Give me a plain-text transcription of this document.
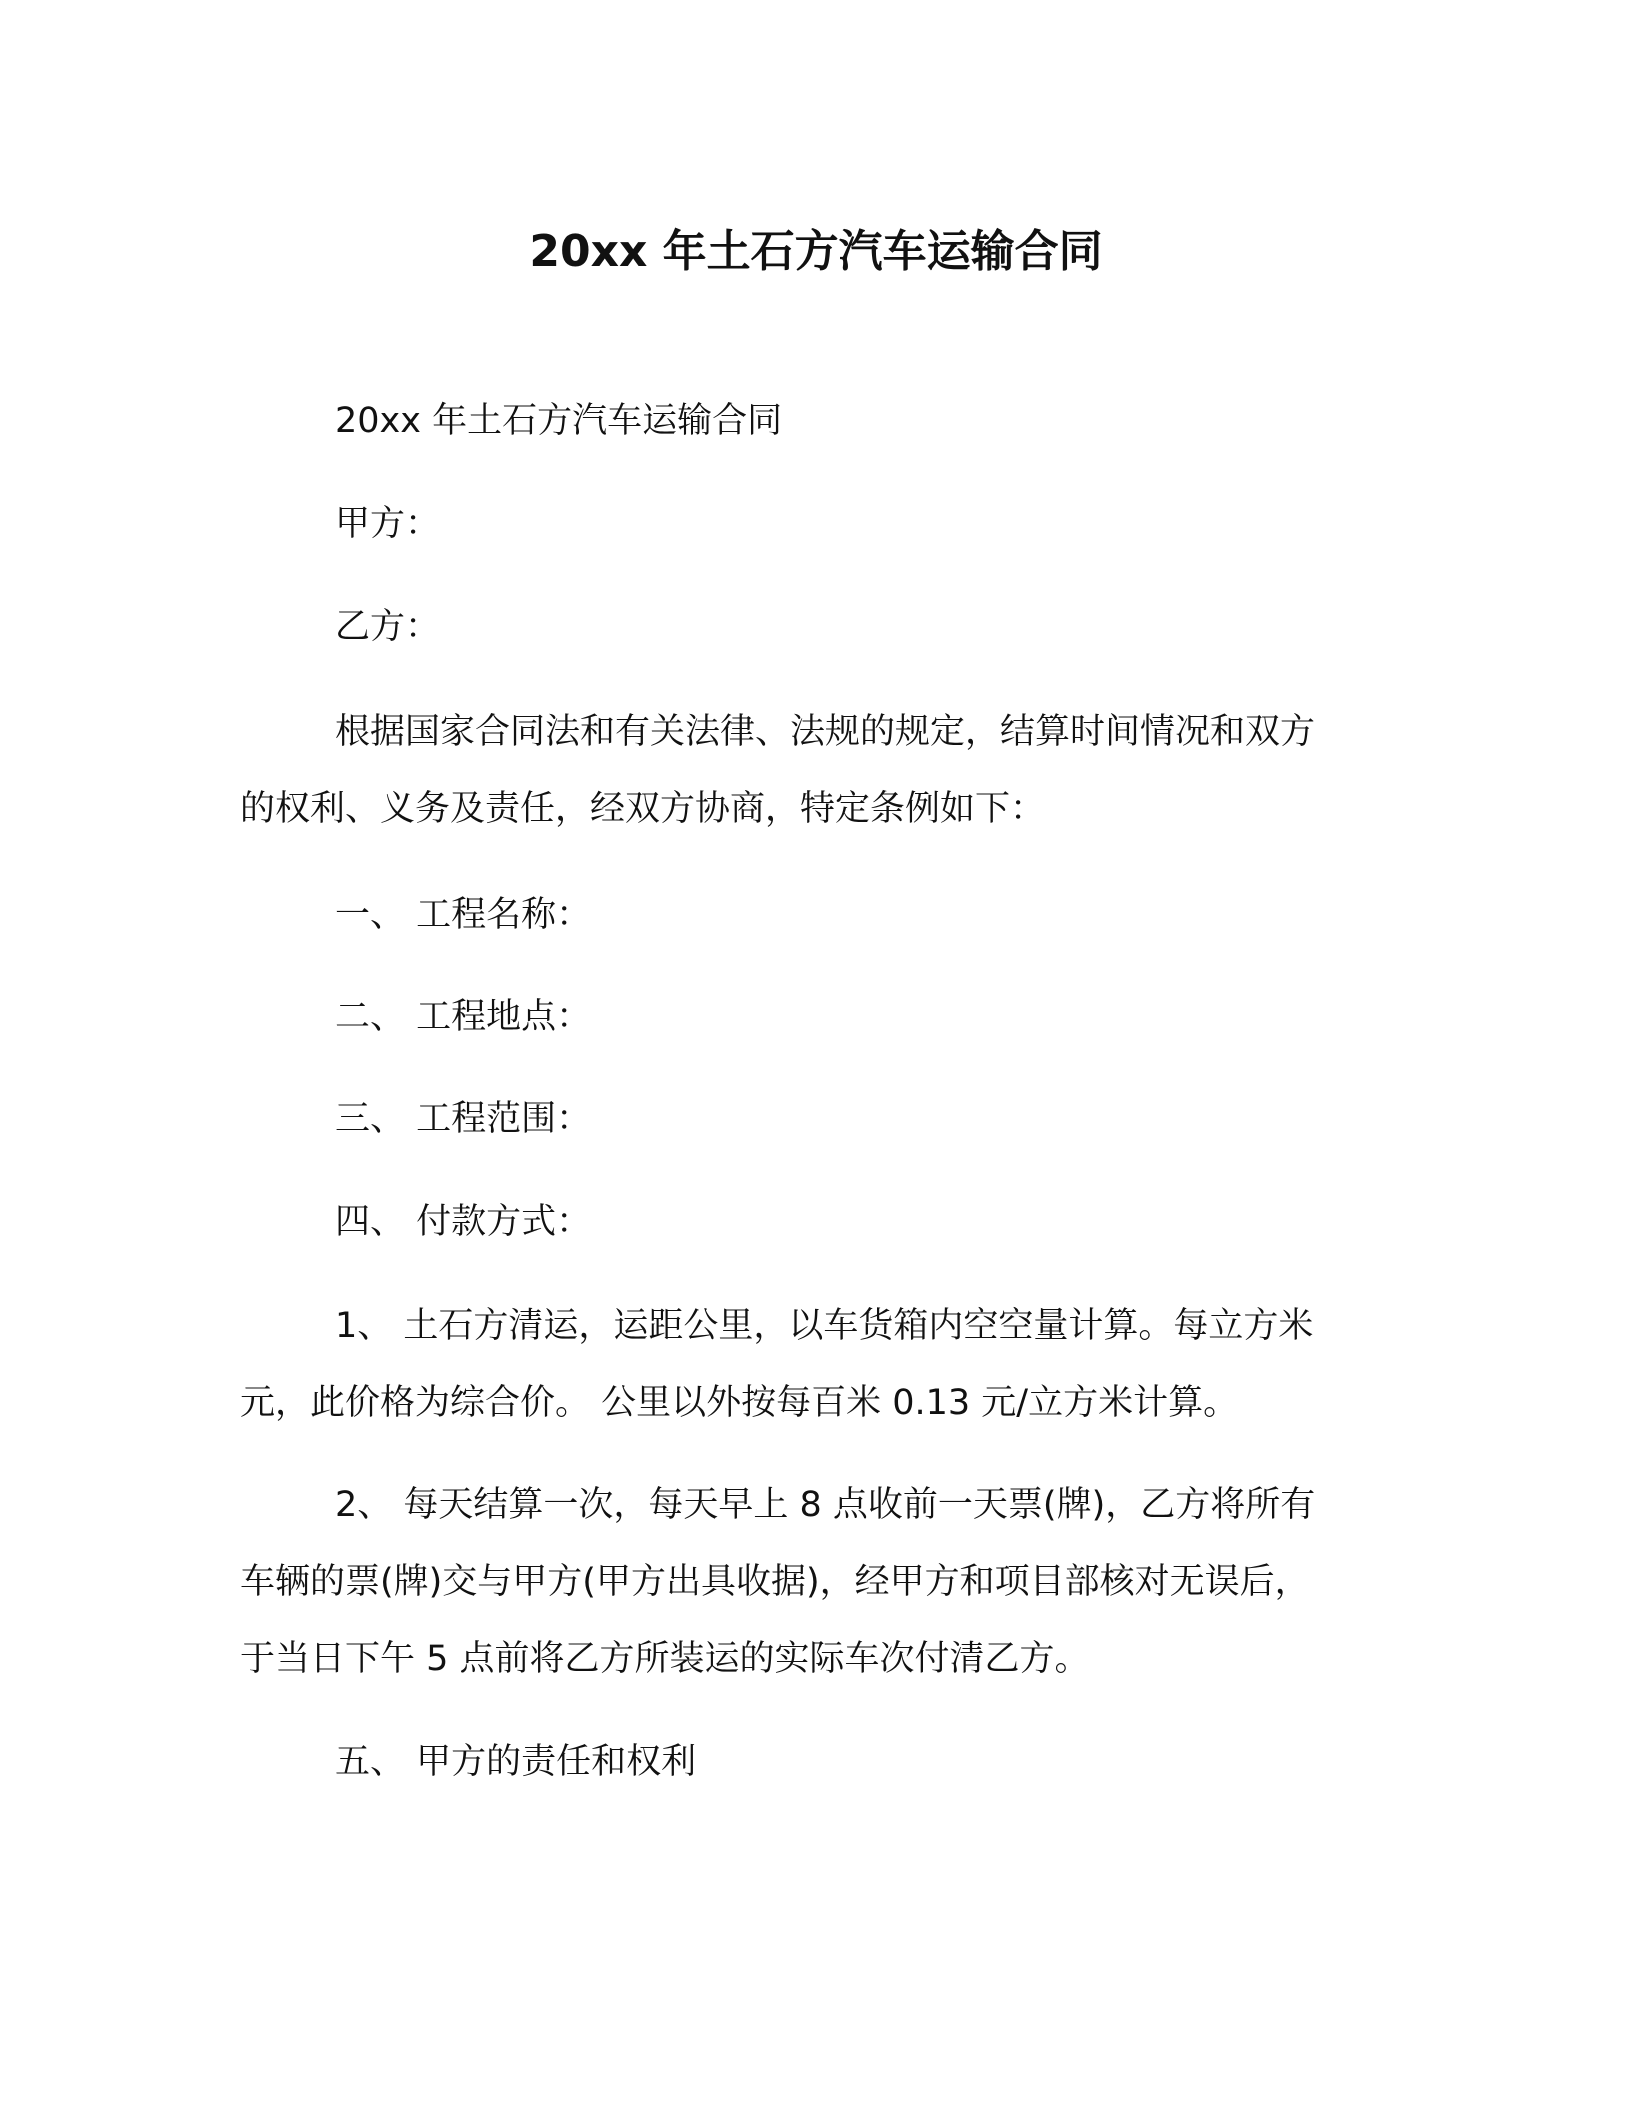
20xx 年土石方汽车运输合同
20xx 年土石方汽车运输合同
甲方：
乙方：
根据国家合同法和有关法律、法规的规定，结算时间情况和双方
的权利、义务及责任，经双方协商，特定条例如下：
一、 工程名称：
二、 工程地点：
三、 工程范围：
四、 付款方式：
1、 土石方清运，运距公里，以车货箱内空空量计算。每立方米
元，此价格为综合价。 公里以外按每百米 0.13 元/立方米计算。
2、 每天结算一次，每天早上 8 点收前一天票(牌)，乙方将所有
车辆的票(牌)交与甲方(甲方出具收据)，经甲方和项目部核对无误后，
于当日下午 5 点前将乙方所装运的实际车次付清乙方。
五、 甲方的责任和权利
